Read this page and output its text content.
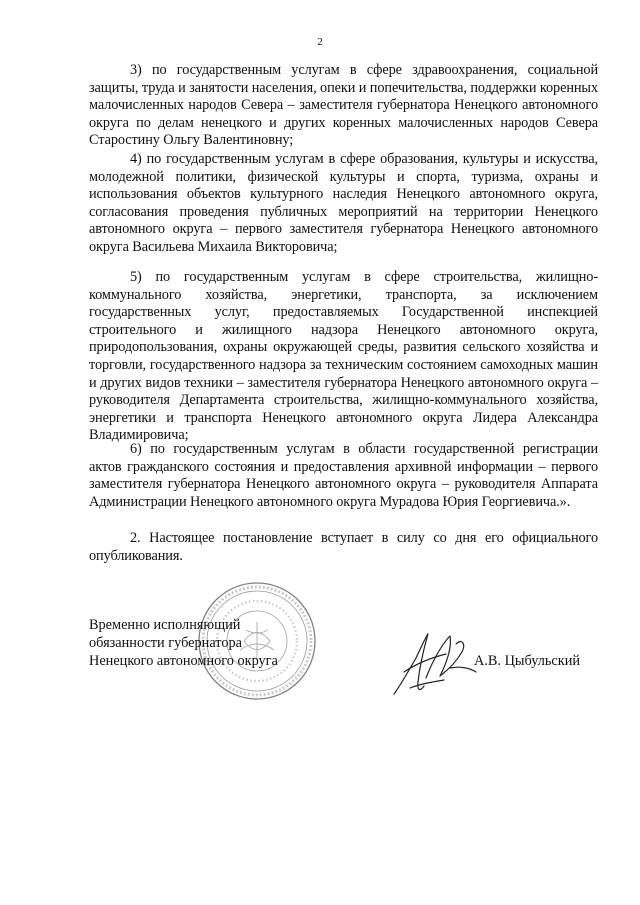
2

3) по государственным услугам в сфере здравоохранения, социальной защиты, труда и занятости населения, опеки и попечительства, поддержки коренных малочисленных народов Севера – заместителя губернатора Ненецкого автономного округа по делам ненецкого и других коренных малочисленных народов Севера Старостину Ольгу Валентиновну;

4) по государственным услугам в сфере образования, культуры и искусства, молодежной политики, физической культуры и спорта, туризма, охраны и использования объектов культурного наследия Ненецкого автономного округа, согласования проведения публичных мероприятий на территории Ненецкого автономного округа – первого заместителя губернатора Ненецкого автономного округа Васильева Михаила Викторовича;

5) по государственным услугам в сфере строительства, жилищно-коммунального хозяйства, энергетики, транспорта, за исключением государственных услуг, предоставляемых Государственной инспекцией строительного и жилищного надзора Ненецкого автономного округа, природопользования, охраны окружающей среды, развития сельского хозяйства и торговли, государственного надзора за техническим состоянием самоходных машин и других видов техники – заместителя губернатора Ненецкого автономного округа – руководителя Департамента строительства, жилищно-коммунального хозяйства, энергетики и транспорта Ненецкого автономного округа Лидера Александра Владимировича;

6) по государственным услугам в области государственной регистрации актов гражданского состояния и предоставления архивной информации – первого заместителя губернатора Ненецкого автономного округа – руководителя Аппарата Администрации Ненецкого автономного округа Мурадова Юрия Георгиевича.».

2. Настоящее постановление вступает в силу со дня его официального опубликования.

Временно исполняющий

обязанности губернатора

Ненецкого автономного округа	А.В. Цыбульский
